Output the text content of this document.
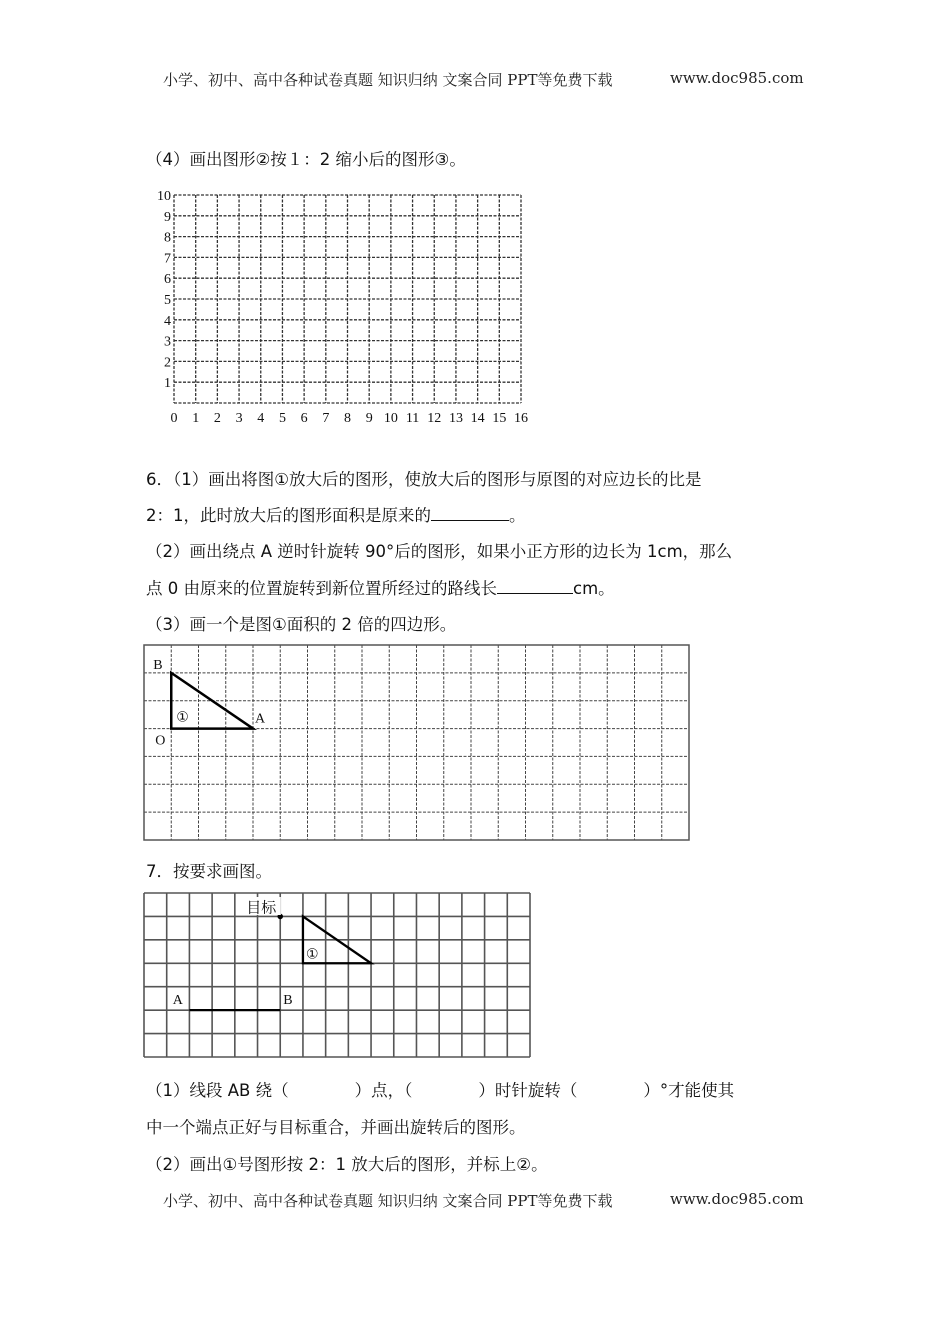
小学、初中、高中各种试卷真题 知识归纳 文案合同 PPT等免费下载	www.doc985.com
（4）画出图形②按１：2 缩小后的图形③。
6．（1）画出将图①放大后的图形，使放大后的图形与原图的对应边长的比是
2：1，此时放大后的图形面积是原来的	。
（2）画出绕点 A 逆时针旋转 90°后的图形，如果小正方形的边长为 1cm，那么
点 0 由原来的位置旋转到新位置所经过的路线长	cm。
（3）画一个是图①面积的 2 倍的四边形。
7．按要求画图。
（1）线段 AB 绕（　　　　）点，（　　　　）时针旋转（　　　　）°才能使其
中一个端点正好与目标重合，并画出旋转后的图形。
（2）画出①号图形按 2：1 放大后的图形，并标上②。
小学、初中、高中各种试卷真题 知识归纳 文案合同 PPT等免费下载	www.doc985.com
0 1 2 3 4 5 6 7 8 9 10 11 12 13 14 15 16
1
2
3
4
5
6
7
8
9
10
B
A
O
①
目标
①
A	B
